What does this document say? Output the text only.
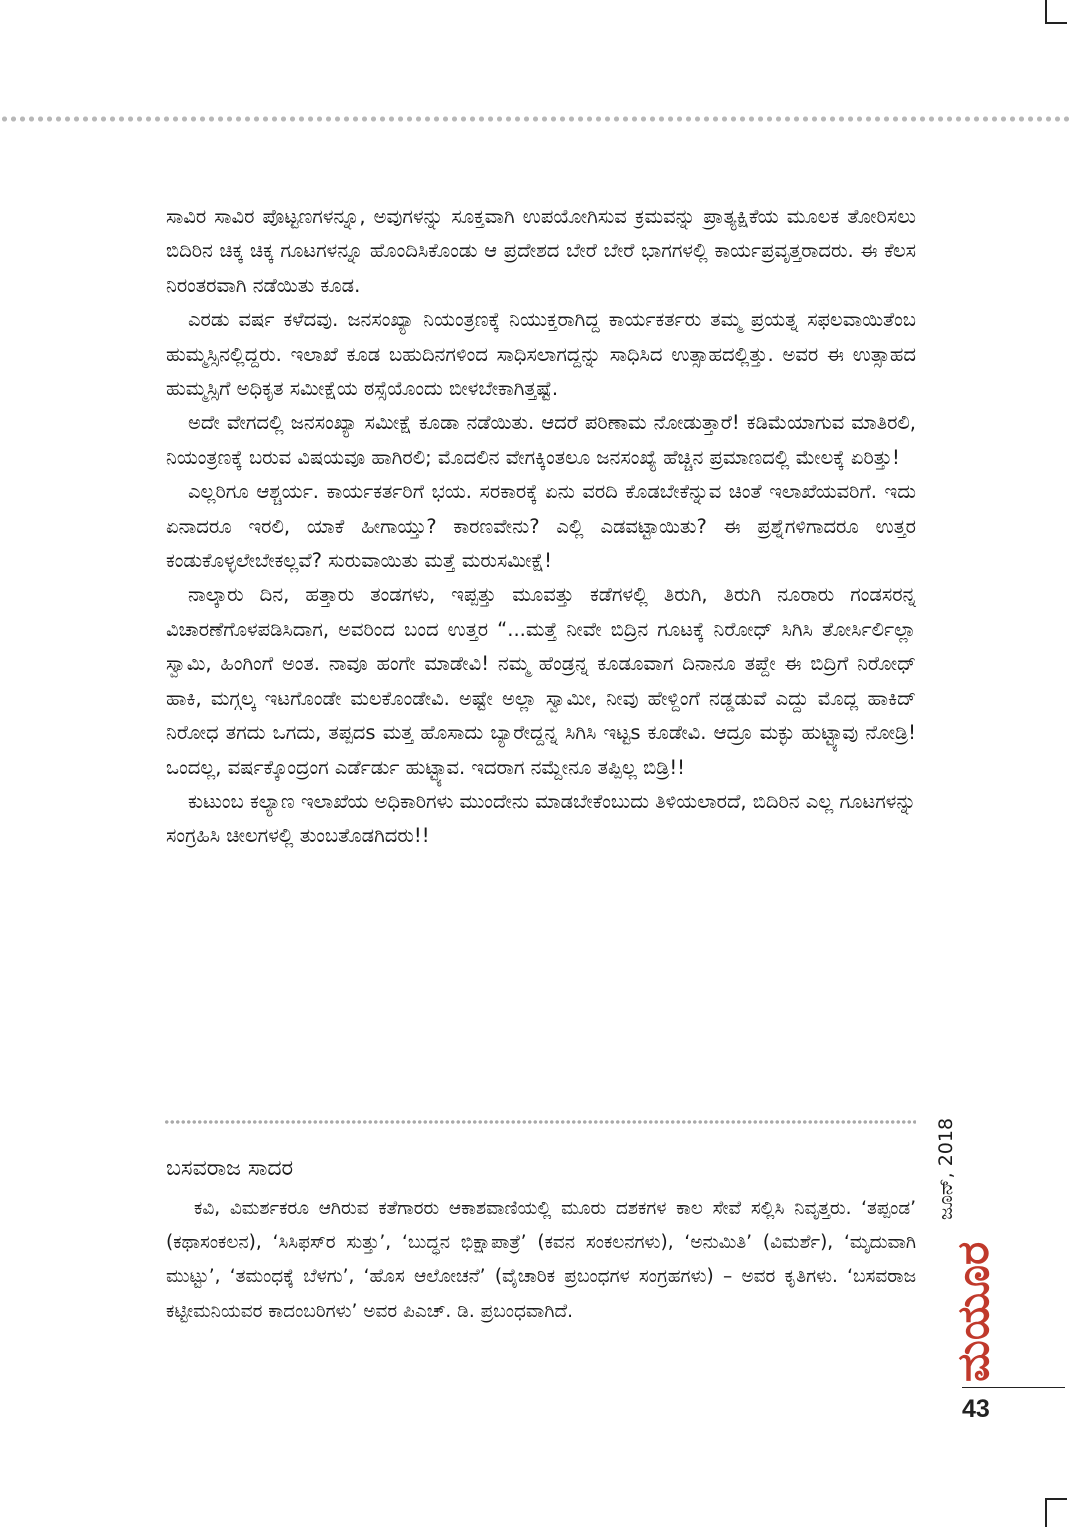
ಸಾವಿರ ಸಾವಿರ ಪೊಟ್ಟಣಗಳನ್ನೂ, ಅವುಗಳನ್ನು ಸೂಕ್ತವಾಗಿ ಉಪಯೋಗಿಸುವ ಕ್ರಮವನ್ನು ಪ್ರಾತ್ಯಕ್ಷಿಕೆಯ ಮೂಲಕ ತೋರಿಸಲು ಬಿದಿರಿನ ಚಿಕ್ಕ ಚಿಕ್ಕ ಗೂಟಗಳನ್ನೂ ಹೊಂದಿಸಿಕೊಂಡು ಆ ಪ್ರದೇಶದ ಬೇರೆ ಬೇರೆ ಭಾಗಗಳಲ್ಲಿ ಕಾರ್ಯಪ್ರವೃತ್ತರಾದರು. ಈ ಕೆಲಸ ನಿರಂತರವಾಗಿ ನಡೆಯಿತು ಕೂಡ.

ಎರಡು ವರ್ಷ ಕಳೆದವು. ಜನಸಂಖ್ಯಾ ನಿಯಂತ್ರಣಕ್ಕೆ ನಿಯುಕ್ತರಾಗಿದ್ದ ಕಾರ್ಯಕರ್ತರು ತಮ್ಮ ಪ್ರಯತ್ನ ಸಫಲವಾಯಿತೆಂಬ ಹುಮ್ಮಸ್ಸಿನಲ್ಲಿದ್ದರು. ಇಲಾಖೆ ಕೂಡ ಬಹುದಿನಗಳಿಂದ ಸಾಧಿಸಲಾಗದ್ದನ್ನು ಸಾಧಿಸಿದ ಉತ್ಸಾಹದಲ್ಲಿತ್ತು. ಅವರ ಈ ಉತ್ಸಾಹದ ಹುಮ್ಮಸ್ಸಿಗೆ ಅಧಿಕೃತ ಸಮೀಕ್ಷೆಯ ಠಸ್ಸೆಯೊಂದು ಬೀಳಬೇಕಾಗಿತ್ತಷ್ಟೆ.

ಅದೇ ವೇಗದಲ್ಲಿ ಜನಸಂಖ್ಯಾ ಸಮೀಕ್ಷೆ ಕೂಡಾ ನಡೆಯಿತು. ಆದರೆ ಪರಿಣಾಮ ನೋಡುತ್ತಾರೆ! ಕಡಿಮೆಯಾಗುವ ಮಾತಿರಲಿ, ನಿಯಂತ್ರಣಕ್ಕೆ ಬರುವ ವಿಷಯವೂ ಹಾಗಿರಲಿ; ಮೊದಲಿನ ವೇಗಕ್ಕಿಂತಲೂ ಜನಸಂಖ್ಯೆ ಹೆಚ್ಚಿನ ಪ್ರಮಾಣದಲ್ಲಿ ಮೇಲಕ್ಕೆ ಏರಿತ್ತು!

ಎಲ್ಲರಿಗೂ ಆಶ್ಚರ್ಯ. ಕಾರ್ಯಕರ್ತರಿಗೆ ಭಯ. ಸರಕಾರಕ್ಕೆ ಏನು ವರದಿ ಕೊಡಬೇಕೆನ್ನುವ ಚಿಂತೆ ಇಲಾಖೆಯವರಿಗೆ. ಇದು ಏನಾದರೂ ಇರಲಿ, ಯಾಕೆ ಹೀಗಾಯ್ತು? ಕಾರಣವೇನು? ಎಲ್ಲಿ ಎಡವಟ್ಟಾಯಿತು? ಈ ಪ್ರಶ್ನೆಗಳಿಗಾದರೂ ಉತ್ತರ ಕಂಡುಕೊಳ್ಳಲೇಬೇಕಲ್ಲವೆ? ಸುರುವಾಯಿತು ಮತ್ತೆ ಮರುಸಮೀಕ್ಷೆ!

ನಾಲ್ಕಾರು ದಿನ, ಹತ್ತಾರು ತಂಡಗಳು, ಇಪ್ಪತ್ತು ಮೂವತ್ತು ಕಡೆಗಳಲ್ಲಿ ತಿರುಗಿ, ತಿರುಗಿ ನೂರಾರು ಗಂಡಸರನ್ನ ವಿಚಾರಣೆಗೊಳಪಡಿಸಿದಾಗ, ಅವರಿಂದ ಬಂದ ಉತ್ತರ “...ಮತ್ತೆ ನೀವೇ ಬಿದ್ರಿನ ಗೂಟಕ್ಕೆ ನಿರೋಧ್ ಸಿಗಿಸಿ ತೋರ್ಸಿರ್ಲಿಲ್ಲಾ ಸ್ವಾಮಿ, ಹಿಂಗಿಂಗೆ ಅಂತ. ನಾವೂ ಹಂಗೇ ಮಾಡೇವಿ! ನಮ್ಮ ಹೆಂಡ್ರನ್ನ ಕೂಡೂವಾಗ ದಿನಾನೂ ತಪ್ದೇ ಈ ಬಿದ್ರಿಗೆ ನಿರೋಧ್ ಹಾಕಿ, ಮಗ್ಗಲ್ಕ ಇಟಗೊಂಡೇ ಮಲಕೊಂಡೇವಿ. ಅಷ್ಟೇ ಅಲ್ಲಾ ಸ್ವಾಮೀ, ನೀವು ಹೇಳ್ದಿಂಗೆ ನಡ್ಡಡುವೆ ಎದ್ದು ಮೊದ್ಲ ಹಾಕಿದ್ ನಿರೋಧ ತಗದು ಒಗದು, ತಪ್ಪದs ಮತ್ತ ಹೊಸಾದು ಬ್ಯಾರೇದ್ದನ್ನ ಸಿಗಿಸಿ ಇಟ್ಟs ಕೂಡೇವಿ. ಆದ್ರೂ ಮಕ್ಳು ಹುಟ್ಟ್ಯಾವು ನೋಡ್ರಿ! ಒಂದಲ್ಲ, ವರ್ಷಕ್ಕೊಂದ್ರಂಗ ಎರ್ಡೆರ್ಡು ಹುಟ್ಟ್ಯಾವ. ಇದರಾಗ ನಮ್ದೇನೂ ತಪ್ಪಿಲ್ಲ ಬಿಡ್ರಿ!!

ಕುಟುಂಬ ಕಲ್ಯಾಣ ಇಲಾಖೆಯ ಅಧಿಕಾರಿಗಳು ಮುಂದೇನು ಮಾಡಬೇಕೆಂಬುದು ತಿಳಿಯಲಾರದೆ, ಬಿದಿರಿನ ಎಲ್ಲ ಗೂಟಗಳನ್ನು ಸಂಗ್ರಹಿಸಿ ಚೀಲಗಳಲ್ಲಿ ತುಂಬತೊಡಗಿದರು!!

ಬಸವರಾಜ ಸಾದರ
ಕವಿ, ವಿಮರ್ಶಕರೂ ಆಗಿರುವ ಕತೆಗಾರರು ಆಕಾಶವಾಣಿಯಲ್ಲಿ ಮೂರು ದಶಕಗಳ ಕಾಲ ಸೇವೆ ಸಲ್ಲಿಸಿ ನಿವೃತ್ತರು. ‘ತಪ್ಪಂಡ’ (ಕಥಾಸಂಕಲನ), ‘ಸಿಸಿಫಸ್‌ರ ಸುತ್ತು’, ‘ಬುದ್ಧನ ಭಿಕ್ಷಾಪಾತ್ರೆ’ (ಕವನ ಸಂಕಲನಗಳು), ‘ಅನುಮಿತಿ’ (ವಿಮರ್ಶೆ), ‘ಮೃದುವಾಗಿ ಮುಟ್ಟು’, ‘ತಮಂಧಕ್ಕೆ ಬೆಳಗು’, ‘ಹೊಸ ಆಲೋಚನೆ’ (ವೈಚಾರಿಕ ಪ್ರಬಂಧಗಳ ಸಂಗ್ರಹಗಳು) – ಅವರ ಕೃತಿಗಳು. ‘ಬಸವರಾಜ ಕಟ್ಟೀಮನಿಯವರ ಕಾದಂಬರಿಗಳು’ ಅವರ ಪಿಎಚ್. ಡಿ. ಪ್ರಬಂಧವಾಗಿದೆ.
ಜೂನ್, 2018
ಮಯೂರ
43
